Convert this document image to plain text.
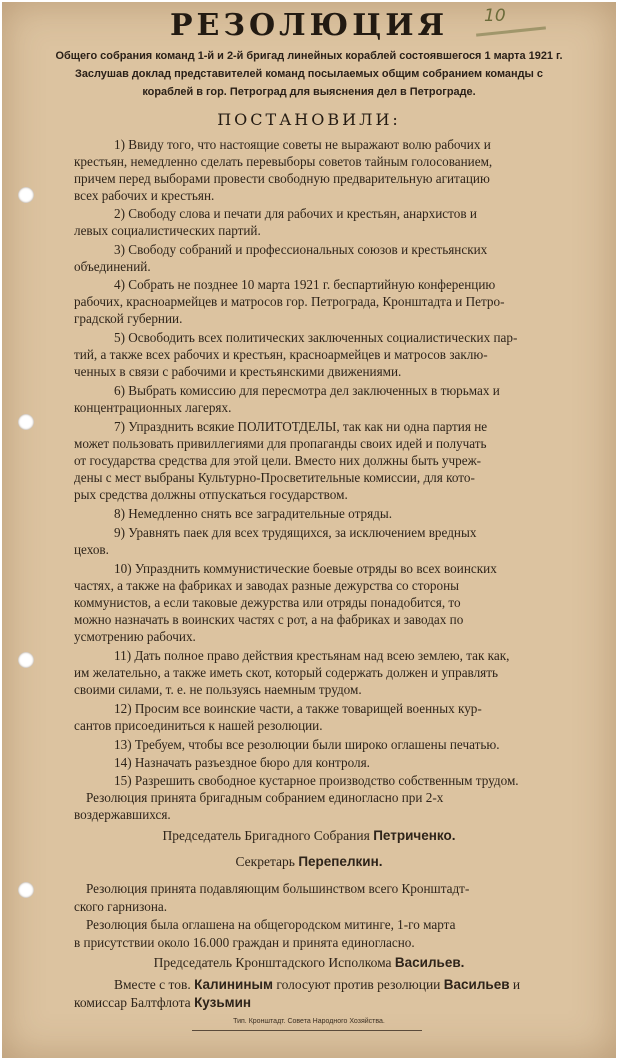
10
РЕЗОЛЮЦИЯ
Общего собрания команд 1-й и 2-й бригад линейных кораблей состоявшегося 1 марта 1921 г.
Заслушав доклад представителей команд посылаемых общим собранием команды с
кораблей в гор. Петроград для выяснения дел в Петрограде.
ПОСТАНОВИЛИ:
1) Ввиду того, что настоящие советы не выражают волю рабочих и
крестьян, немедленно сделать перевыборы советов тайным голосованием,
причем перед выборами провести свободную предварительную агитацию
всех рабочих и крестьян.
2) Свободу слова и печати для рабочих и крестьян, анархистов и
левых социалистических партий.
3) Свободу собраний и профессиональных союзов и крестьянских
объединений.
4) Собрать не позднее 10 марта 1921 г. беспартийную конференцию
рабочих, красноармейцев и матросов гор. Петрограда, Кронштадта и Петро-
градской губернии.
5) Освободить всех политических заключенных социалистических пар-
тий, а также всех рабочих и крестьян, красноармейцев и матросов заклю-
ченных в связи с рабочими и крестьянскими движениями.
6) Выбрать комиссию для пересмотра дел заключенных в тюрьмах и
концентрационных лагерях.
7) Упразднить всякие ПОЛИТОТДЕЛЫ, так как ни одна партия не
может пользовать привиллегиями для пропаганды своих идей и получать
от государства средства для этой цели. Вместо них должны быть учреж-
дены с мест выбраны Культурно-Просветительные комиссии, для кото-
рых средства должны отпускаться государством.
8) Немедленно снять все заградительные отряды.
9) Уравнять паек для всех трудящихся, за исключением вредных
цехов.
10) Упразднить коммунистические боевые отряды во всех воинских
частях, а также на фабриках и заводах разные дежурства со стороны
коммунистов, а если таковые дежурства или отряды понадобится, то
можно назначать в воинских частях с рот, а на фабриках и заводах по
усмотрению рабочих.
11) Дать полное право действия крестьянам над всею землею, так как,
им желательно, а также иметь скот, который содержать должен и управлять
своими силами, т. е. не пользуясь наемным трудом.
12) Просим все воинские части, а также товарищей военных кур-
сантов присоединиться к нашей резолюции.
13) Требуем, чтобы все резолюции были широко оглашены печатью.
14) Назначать разъездное бюро для контроля.
15) Разрешить свободное кустарное производство собственным трудом.
Резолюция принята бригадным собранием единогласно при 2-х
воздержавшихся.
Председатель Бригадного Собрания Петриченко.
Секретарь Перепелкин.
Резолюция принята подавляющим большинством всего Кронштадт-
ского гарнизона.
Резолюция была оглашена на общегородском митинге, 1-го марта
в присутствии около 16.000 граждан и принята единогласно.
Председатель Кронштадского Исполкома Васильев.
Вместе с тов. Калининым голосуют против резолюции Васильев и
комиссар Балтфлота Кузьмин
Тип. Кронштадт. Совета Народного Хозяйства.
